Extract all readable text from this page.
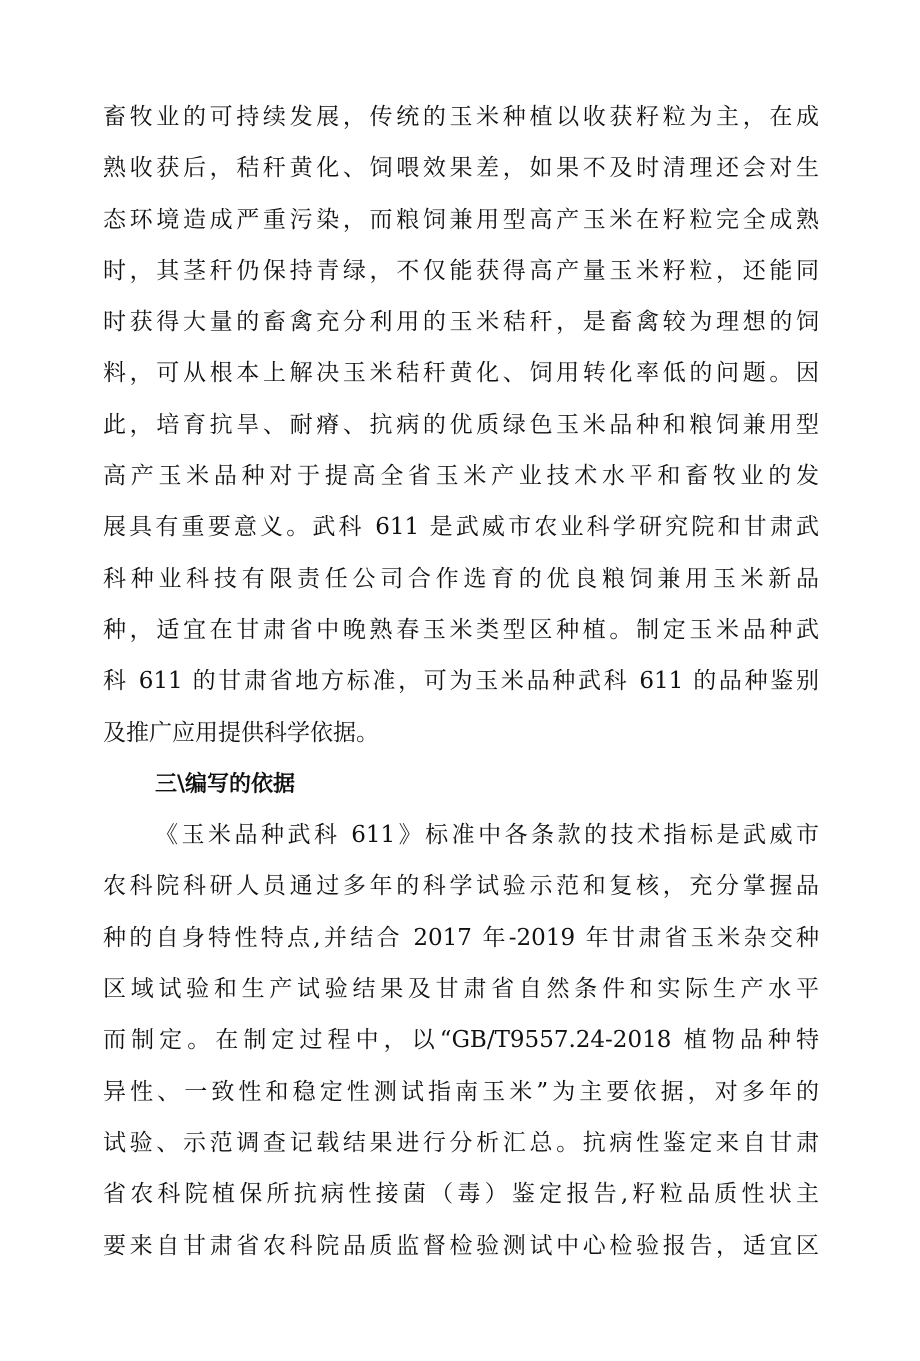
畜牧业的可持续发展，传统的玉米种植以收获籽粒为主，在成
熟收获后，秸秆黄化、饲喂效果差，如果不及时清理还会对生
态环境造成严重污染，而粮饲兼用型高产玉米在籽粒完全成熟
时，其茎秆仍保持青绿，不仅能获得高产量玉米籽粒，还能同
时获得大量的畜禽充分利用的玉米秸秆，是畜禽较为理想的饲
料，可从根本上解决玉米秸秆黄化、饲用转化率低的问题。因
此，培育抗旱、耐瘠、抗病的优质绿色玉米品种和粮饲兼用型
高产玉米品种对于提高全省玉米产业技术水平和畜牧业的发
展具有重要意义。武科 611 是武威市农业科学研究院和甘肃武
科种业科技有限责任公司合作选育的优良粮饲兼用玉米新品
种，适宜在甘肃省中晚熟春玉米类型区种植。制定玉米品种武
科 611 的甘肃省地方标准，可为玉米品种武科 611 的品种鉴别
及推广应用提供科学依据。
三\编写的依据
《玉米品种武科 611》标准中各条款的技术指标是武威市
农科院科研人员通过多年的科学试验示范和复核，充分掌握品
种的自身特性特点,并结合 2017 年-2019 年甘肃省玉米杂交种
区域试验和生产试验结果及甘肃省自然条件和实际生产水平
而制定。在制定过程中，以“GB/T9557.24-2018 植物品种特
异性、一致性和稳定性测试指南玉米”为主要依据，对多年的
试验、示范调查记载结果进行分析汇总。抗病性鉴定来自甘肃
省农科院植保所抗病性接菌（毒）鉴定报告,籽粒品质性状主
要来自甘肃省农科院品质监督检验测试中心检验报告，适宜区
